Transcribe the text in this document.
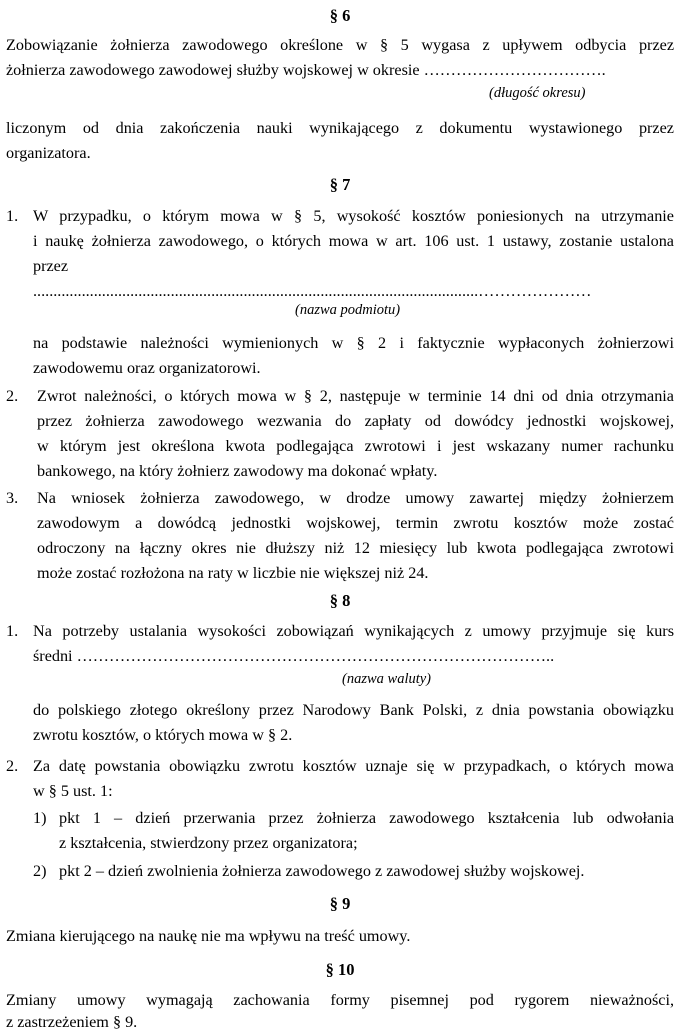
§ 6
Zobowiązanie żołnierza zawodowego określone w § 5 wygasa z upływem odbycia przez
żołnierza zawodowego zawodowej służby wojskowej w okresie …………………………….
(długość okresu)
liczonym od dnia zakończenia nauki wynikającego z dokumentu wystawionego przez
organizatora.
§ 7
1. W przypadku, o którym mowa w § 5, wysokość kosztów poniesionych na utrzymanie
i naukę żołnierza zawodowego, o których mowa w art. 106 ust. 1 ustawy, zostanie ustalona
przez
..............................................................................................................…………………
(nazwa podmiotu)
na podstawie należności wymienionych w § 2 i faktycznie wypłaconych żołnierzowi
zawodowemu oraz organizatorowi.
2. Zwrot należności, o których mowa w § 2, następuje w terminie 14 dni od dnia otrzymania
przez żołnierza zawodowego wezwania do zapłaty od dowódcy jednostki wojskowej,
w którym jest określona kwota podlegająca zwrotowi i jest wskazany numer rachunku
bankowego, na który żołnierz zawodowy ma dokonać wpłaty.
3. Na wniosek żołnierza zawodowego, w drodze umowy zawartej między żołnierzem
zawodowym a dowódcą jednostki wojskowej, termin zwrotu kosztów może zostać
odroczony na łączny okres nie dłuższy niż 12 miesięcy lub kwota podlegająca zwrotowi
może zostać rozłożona na raty w liczbie nie większej niż 24.
§ 8
1. Na potrzeby ustalania wysokości zobowiązań wynikających z umowy przyjmuje się kurs
średni ……………………………………………………………………………..
(nazwa waluty)
do polskiego złotego określony przez Narodowy Bank Polski, z dnia powstania obowiązku
zwrotu kosztów, o których mowa w § 2.
2. Za datę powstania obowiązku zwrotu kosztów uznaje się w przypadkach, o których mowa
w § 5 ust. 1:
1) pkt 1 – dzień przerwania przez żołnierza zawodowego kształcenia lub odwołania
z kształcenia, stwierdzony przez organizatora;
2) pkt 2 – dzień zwolnienia żołnierza zawodowego z zawodowej służby wojskowej.
§ 9
Zmiana kierującego na naukę nie ma wpływu na treść umowy.
§ 10
Zmiany umowy wymagają zachowania formy pisemnej pod rygorem nieważności,
z zastrzeżeniem § 9.
